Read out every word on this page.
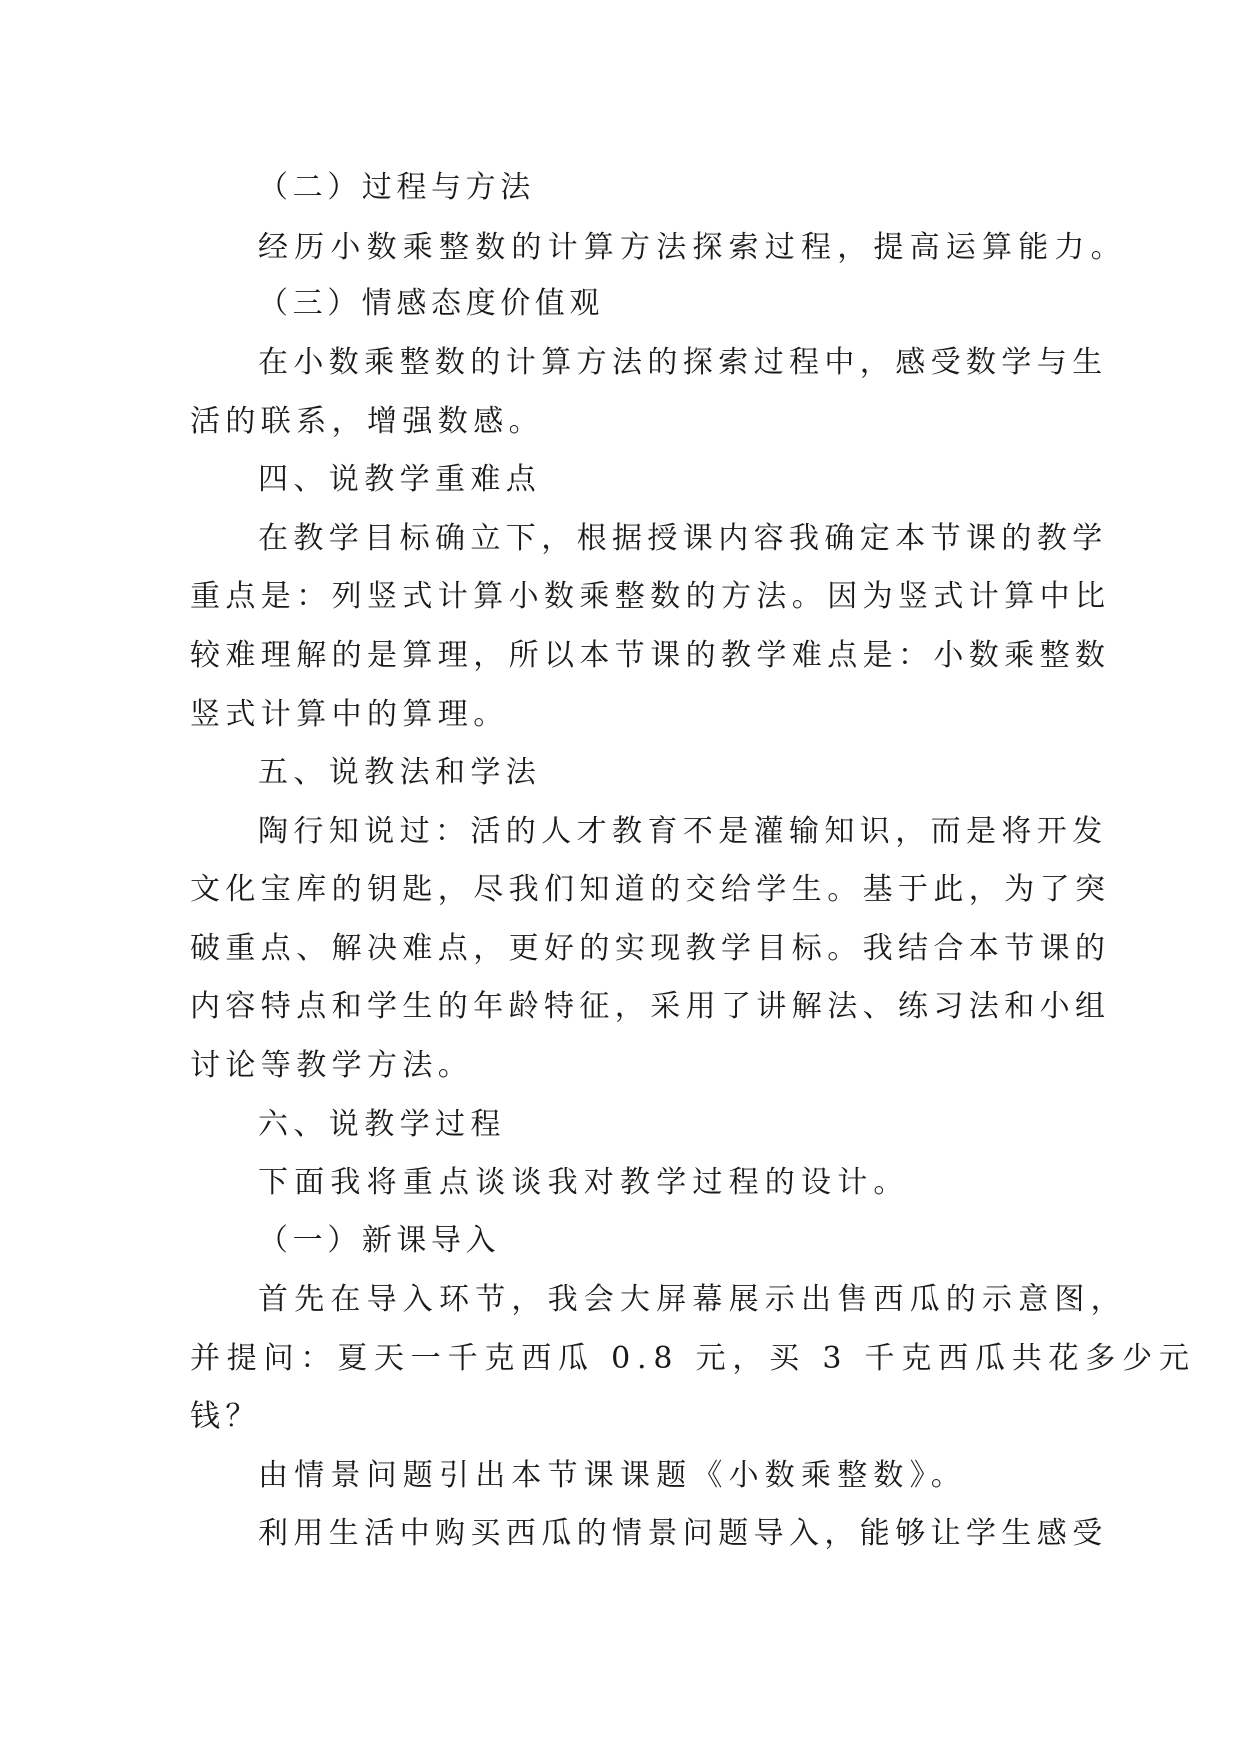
（二）过程与方法

经历小数乘整数的计算方法探索过程，提高运算能力。

（三）情感态度价值观

在小数乘整数的计算方法的探索过程中，感受数学与生

活的联系，增强数感。

四、说教学重难点

在教学目标确立下，根据授课内容我确定本节课的教学

重点是：列竖式计算小数乘整数的方法。因为竖式计算中比

较难理解的是算理，所以本节课的教学难点是：小数乘整数

竖式计算中的算理。

五、说教法和学法

陶行知说过：活的人才教育不是灌输知识，而是将开发

文化宝库的钥匙，尽我们知道的交给学生。基于此，为了突

破重点、解决难点，更好的实现教学目标。我结合本节课的

内容特点和学生的年龄特征，采用了讲解法、练习法和小组

讨论等教学方法。

六、说教学过程

下面我将重点谈谈我对教学过程的设计。

（一）新课导入

首先在导入环节，我会大屏幕展示出售西瓜的示意图，

并提问：夏天一千克西瓜 0.8 元，买 3 千克西瓜共花多少元

钱？

由情景问题引出本节课课题《小数乘整数》。

利用生活中购买西瓜的情景问题导入，能够让学生感受
